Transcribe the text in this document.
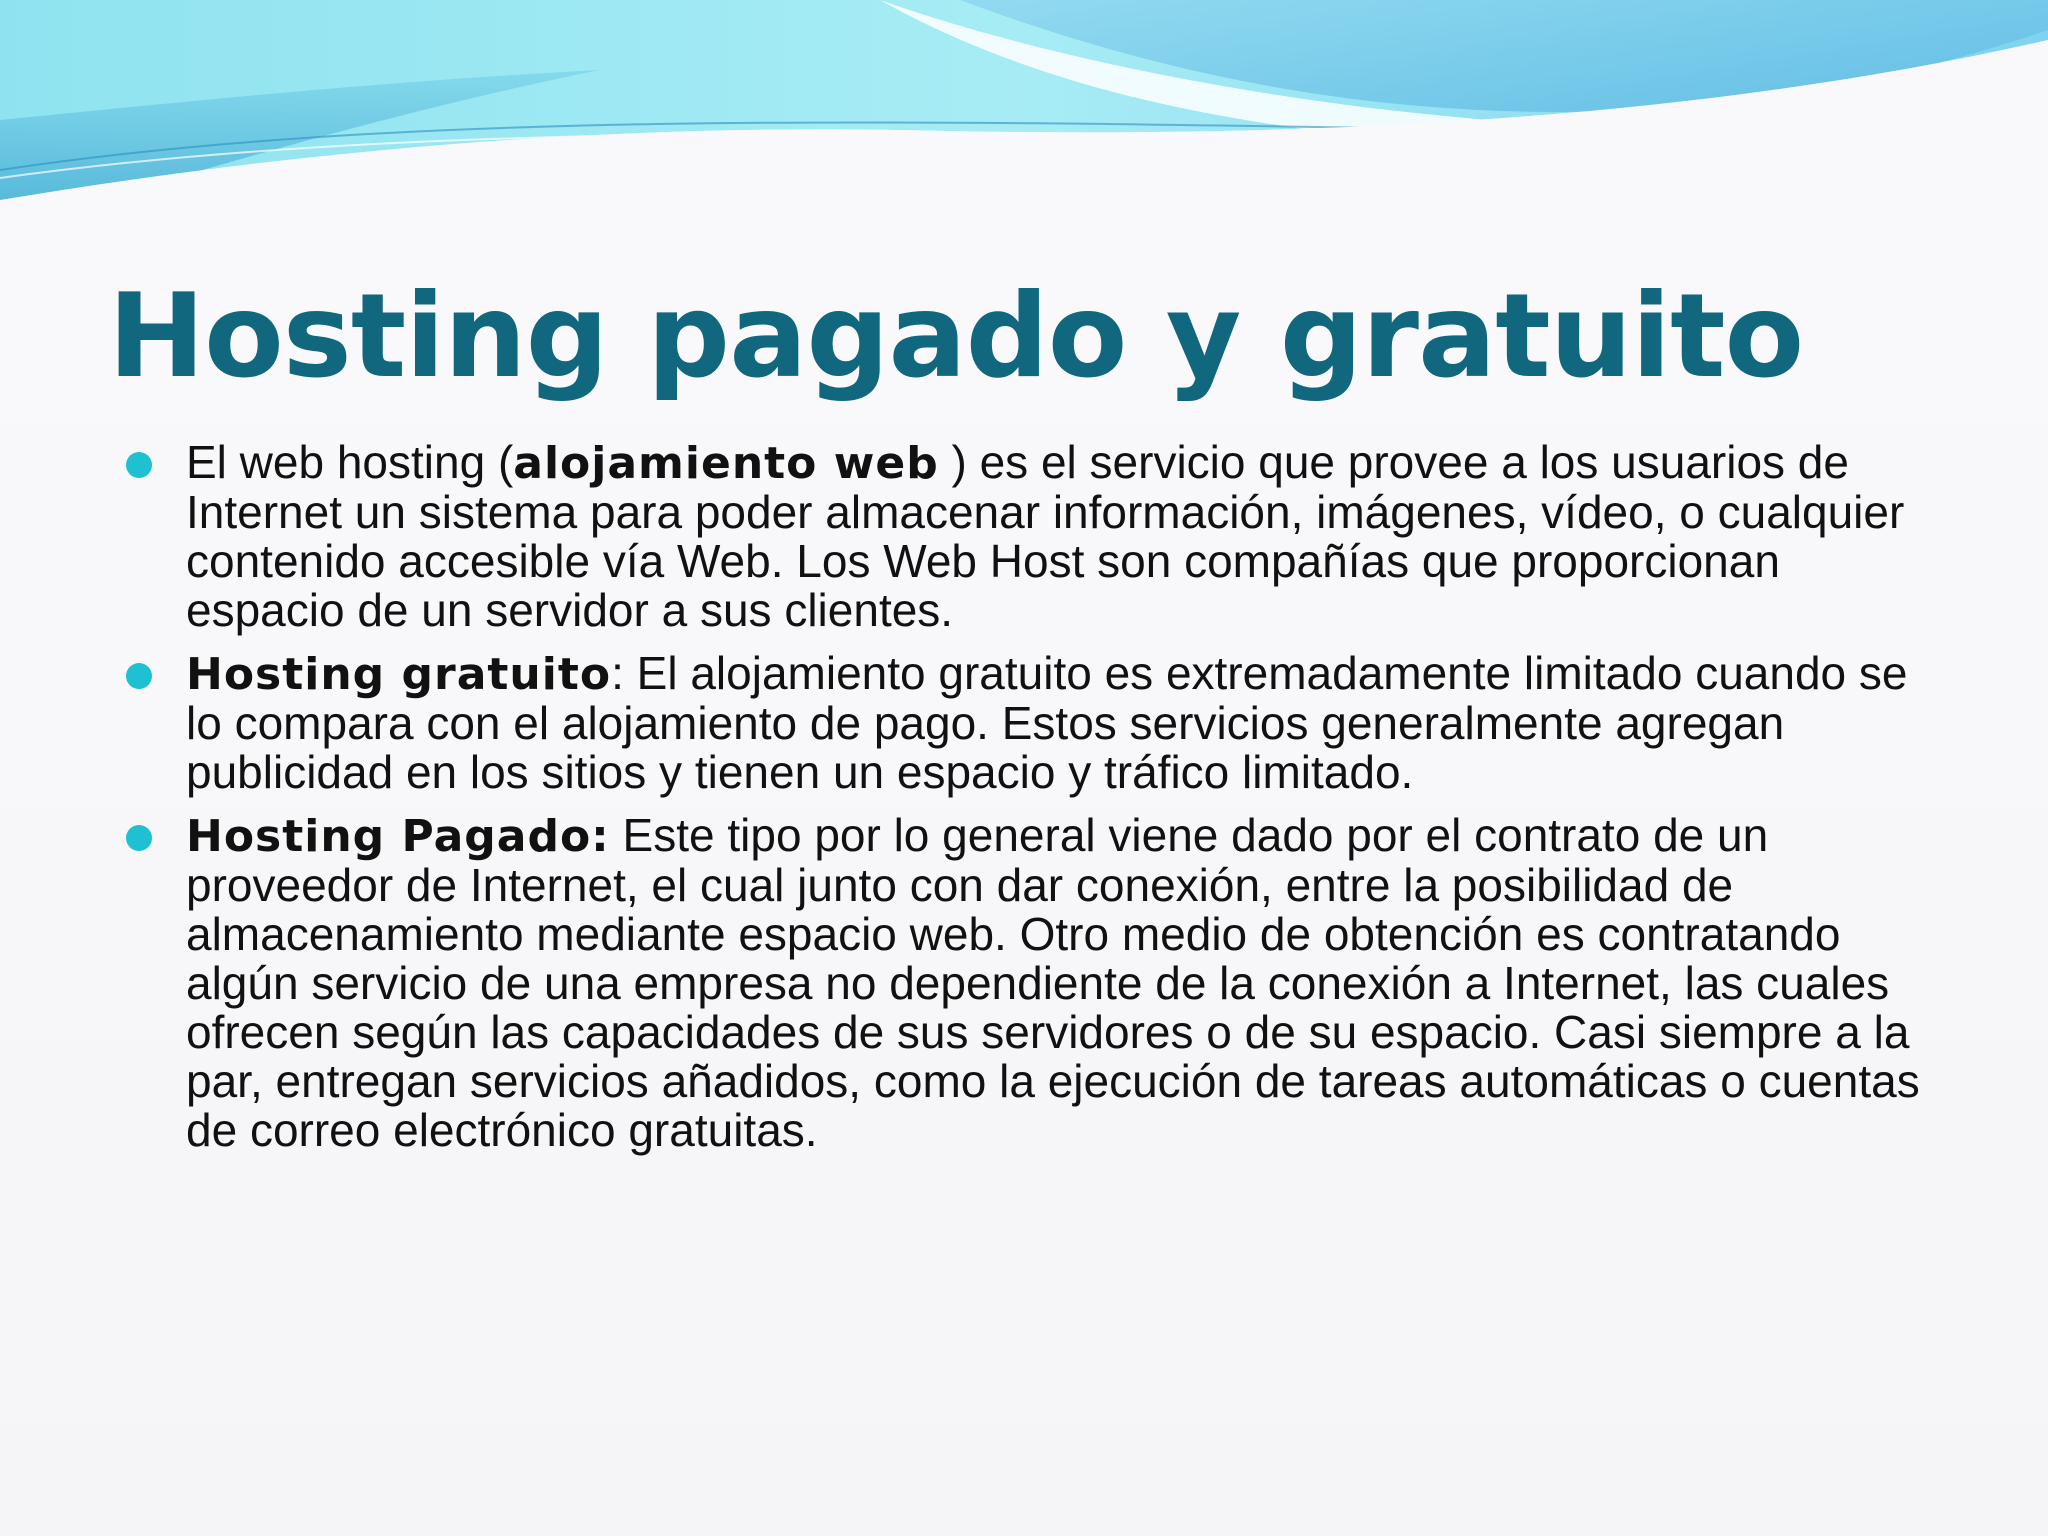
Hosting pagado y gratuito
El web hosting (alojamiento web ) es el servicio que provee a los usuarios de Internet un sistema para poder almacenar información, imágenes, vídeo, o cualquier contenido accesible vía Web. Los Web Host son compañías que proporcionan espacio de un servidor a sus clientes.
Hosting gratuito: El alojamiento gratuito es extremadamente limitado cuando se lo compara con el alojamiento de pago. Estos servicios generalmente agregan publicidad en los sitios y tienen un espacio y tráfico limitado.
Hosting Pagado: Este tipo por lo general viene dado por el contrato de un proveedor de Internet, el cual junto con dar conexión, entre la posibilidad de almacenamiento mediante espacio web. Otro medio de obtención es contratando algún servicio de una empresa no dependiente de la conexión a Internet, las cuales ofrecen según las capacidades de sus servidores o de su espacio. Casi siempre a la par, entregan servicios añadidos, como la ejecución de tareas automáticas o cuentas de correo electrónico gratuitas.
